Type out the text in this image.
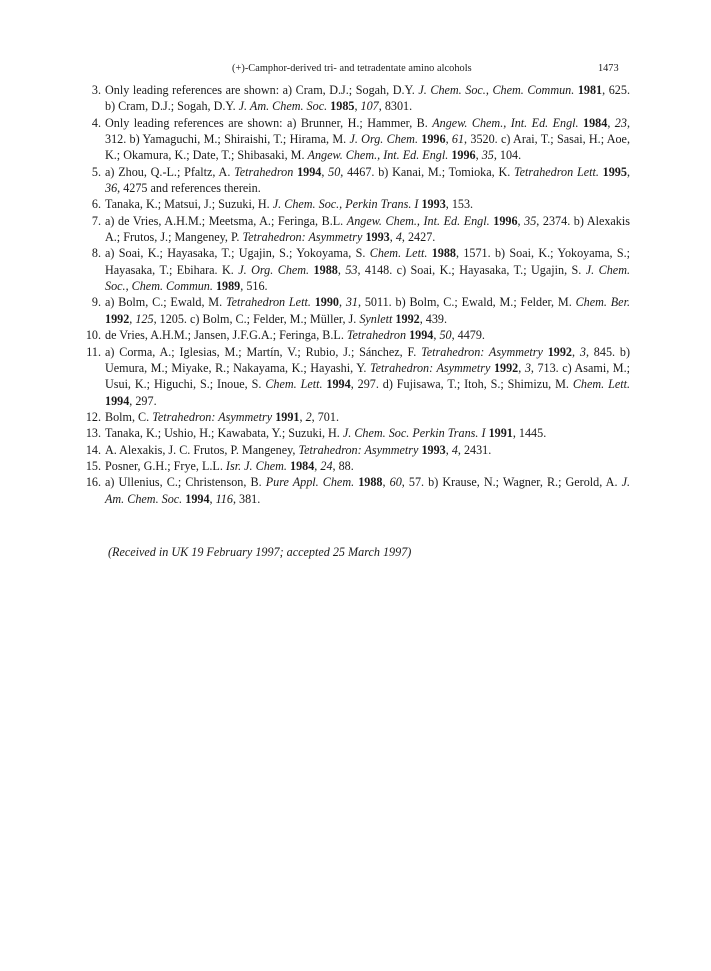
(+)-Camphor-derived tri- and tetradentate amino alcohols	1473
3. Only leading references are shown: a) Cram, D.J.; Sogah, D.Y. J. Chem. Soc., Chem. Commun. 1981, 625. b) Cram, D.J.; Sogah, D.Y. J. Am. Chem. Soc. 1985, 107, 8301.
4. Only leading references are shown: a) Brunner, H.; Hammer, B. Angew. Chem., Int. Ed. Engl. 1984, 23, 312. b) Yamaguchi, M.; Shiraishi, T.; Hirama, M. J. Org. Chem. 1996, 61, 3520. c) Arai, T.; Sasai, H.; Aoe, K.; Okamura, K.; Date, T.; Shibasaki, M. Angew. Chem., Int. Ed. Engl. 1996, 35, 104.
5. a) Zhou, Q.-L.; Pfaltz, A. Tetrahedron 1994, 50, 4467. b) Kanai, M.; Tomioka, K. Tetrahedron Lett. 1995, 36, 4275 and references therein.
6. Tanaka, K.; Matsui, J.; Suzuki, H. J. Chem. Soc., Perkin Trans. I 1993, 153.
7. a) de Vries, A.H.M.; Meetsma, A.; Feringa, B.L. Angew. Chem., Int. Ed. Engl. 1996, 35, 2374. b) Alexakis A.; Frutos, J.; Mangeney, P. Tetrahedron: Asymmetry 1993, 4, 2427.
8. a) Soai, K.; Hayasaka, T.; Ugajin, S.; Yokoyama, S. Chem. Lett. 1988, 1571. b) Soai, K.; Yokoyama, S.; Hayasaka, T.; Ebihara. K. J. Org. Chem. 1988, 53, 4148. c) Soai, K.; Hayasaka, T.; Ugajin, S. J. Chem. Soc., Chem. Commun. 1989, 516.
9. a) Bolm, C.; Ewald, M. Tetrahedron Lett. 1990, 31, 5011. b) Bolm, C.; Ewald, M.; Felder, M. Chem. Ber. 1992, 125, 1205. c) Bolm, C.; Felder, M.; Müller, J. Synlett 1992, 439.
10. de Vries, A.H.M.; Jansen, J.F.G.A.; Feringa, B.L. Tetrahedron 1994, 50, 4479.
11. a) Corma, A.; Iglesias, M.; Martín, V.; Rubio, J.; Sánchez, F. Tetrahedron: Asymmetry 1992, 3, 845. b) Uemura, M.; Miyake, R.; Nakayama, K.; Hayashi, Y. Tetrahedron: Asymmetry 1992, 3, 713. c) Asami, M.; Usui, K.; Higuchi, S.; Inoue, S. Chem. Lett. 1994, 297. d) Fujisawa, T.; Itoh, S.; Shimizu, M. Chem. Lett. 1994, 297.
12. Bolm, C. Tetrahedron: Asymmetry 1991, 2, 701.
13. Tanaka, K.; Ushio, H.; Kawabata, Y.; Suzuki, H. J. Chem. Soc. Perkin Trans. I 1991, 1445.
14. A. Alexakis, J. C. Frutos, P. Mangeney, Tetrahedron: Asymmetry 1993, 4, 2431.
15. Posner, G.H.; Frye, L.L. Isr. J. Chem. 1984, 24, 88.
16. a) Ullenius, C.; Christenson, B. Pure Appl. Chem. 1988, 60, 57. b) Krause, N.; Wagner, R.; Gerold, A. J. Am. Chem. Soc. 1994, 116, 381.
(Received in UK 19 February 1997; accepted 25 March 1997)
